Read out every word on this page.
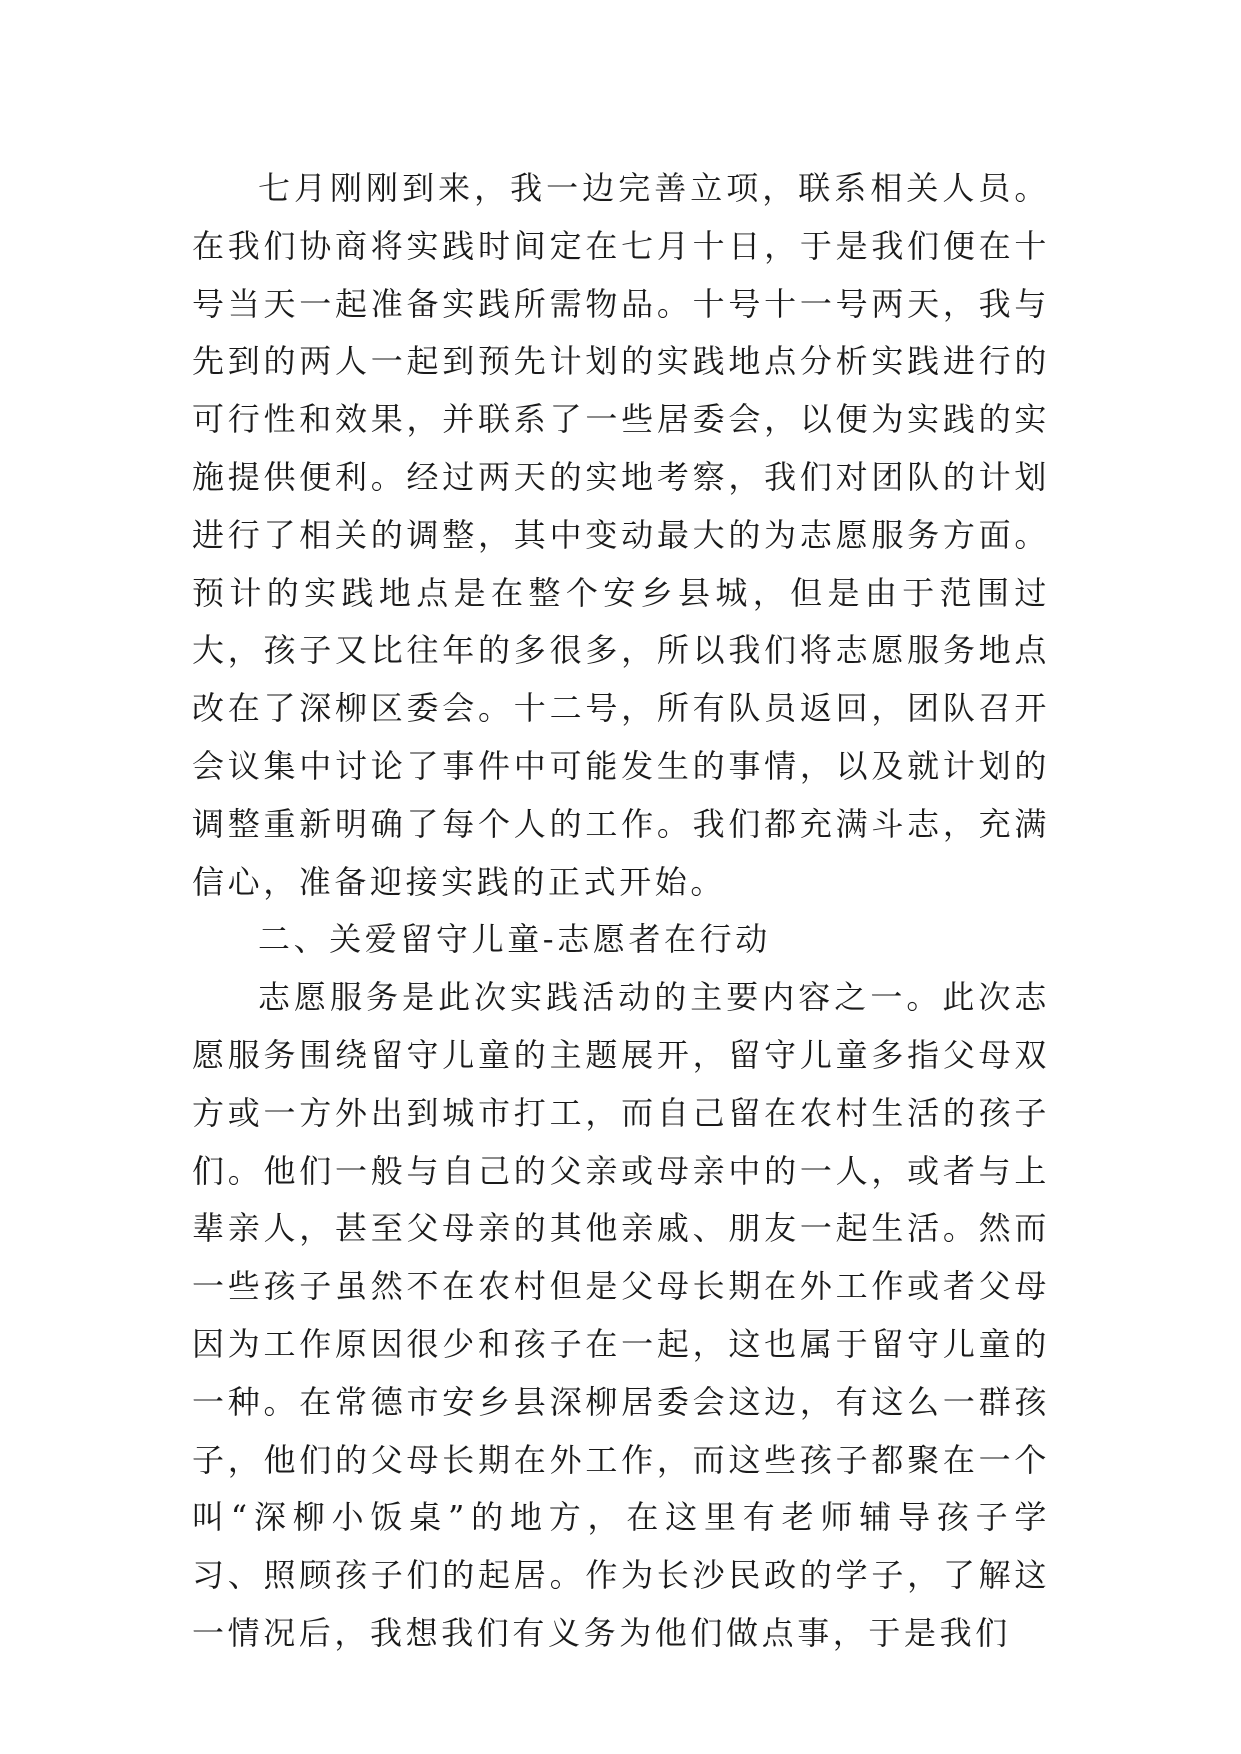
七月刚刚到来，我一边完善立项，联系相关人员。在我们协商将实践时间定在七月十日，于是我们便在十号当天一起准备实践所需物品。十号十一号两天，我与先到的两人一起到预先计划的实践地点分析实践进行的可行性和效果，并联系了一些居委会，以便为实践的实施提供便利。经过两天的实地考察，我们对团队的计划进行了相关的调整，其中变动最大的为志愿服务方面。预计的实践地点是在整个安乡县城，但是由于范围过大，孩子又比往年的多很多，所以我们将志愿服务地点改在了深柳区委会。十二号，所有队员返回，团队召开会议集中讨论了事件中可能发生的事情，以及就计划的调整重新明确了每个人的工作。我们都充满斗志，充满信心，准备迎接实践的正式开始。

二、关爱留守儿童-志愿者在行动

志愿服务是此次实践活动的主要内容之一。此次志愿服务围绕留守儿童的主题展开，留守儿童多指父母双方或一方外出到城市打工，而自己留在农村生活的孩子们。他们一般与自己的父亲或母亲中的一人，或者与上辈亲人，甚至父母亲的其他亲戚、朋友一起生活。然而一些孩子虽然不在农村但是父母长期在外工作或者父母因为工作原因很少和孩子在一起，这也属于留守儿童的一种。在常德市安乡县深柳居委会这边，有这么一群孩子，他们的父母长期在外工作，而这些孩子都聚在一个叫“深柳小饭桌”的地方，在这里有老师辅导孩子学习、照顾孩子们的起居。作为长沙民政的学子，了解这一情况后，我想我们有义务为他们做点事，于是我们
